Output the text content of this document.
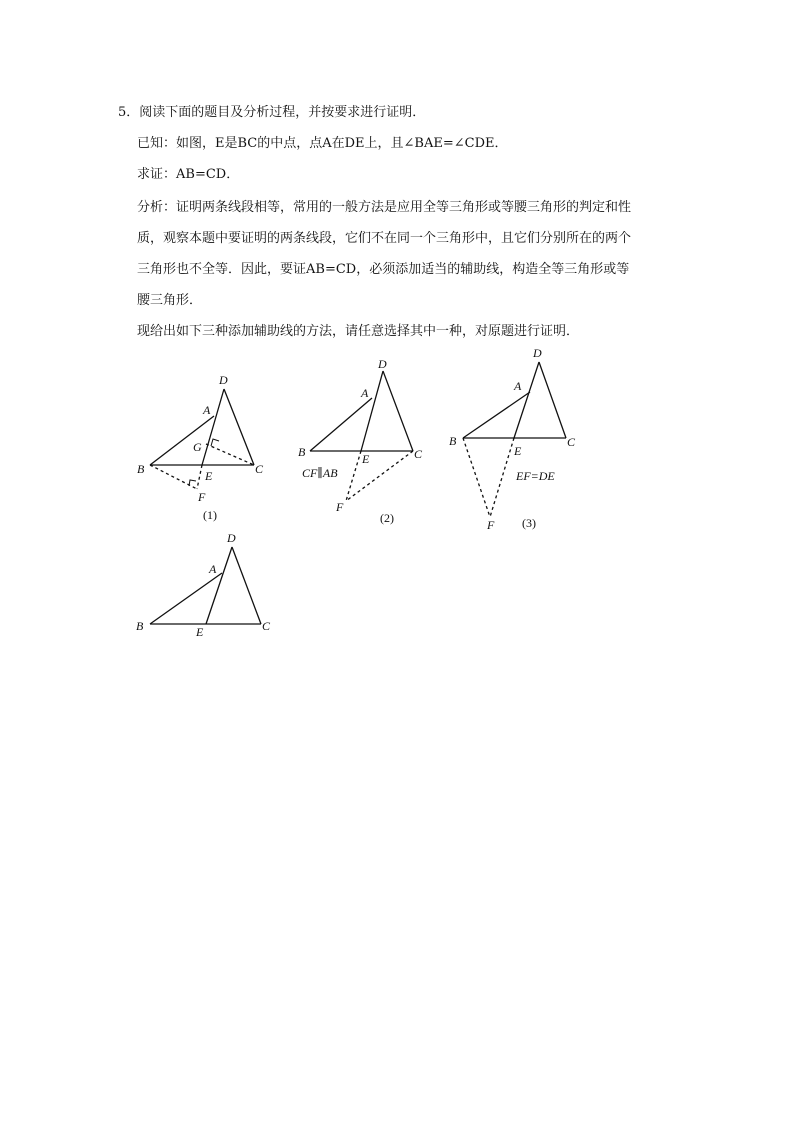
5．阅读下面的题目及分析过程，并按要求进行证明．
已知：如图，E是BC的中点，点A在DE上，且∠BAE=∠CDE．
求证：AB=CD．
分析：证明两条线段相等，常用的一般方法是应用全等三角形或等腰三角形的判定和性
质，观察本题中要证明的两条线段，它们不在同一个三角形中，且它们分别所在的两个
三角形也不全等．因此，要证AB=CD，必须添加适当的辅助线，构造全等三角形或等
腰三角形．
现给出如下三种添加辅助线的方法，请任意选择其中一种，对原题进行证明．
D
A
G
B	E	C
F
(1)
D
A
B	E	C
CF∥AB
F
(2)
D
A
B
E
C
EF=DE
F (3)
D
A
B	E	C
